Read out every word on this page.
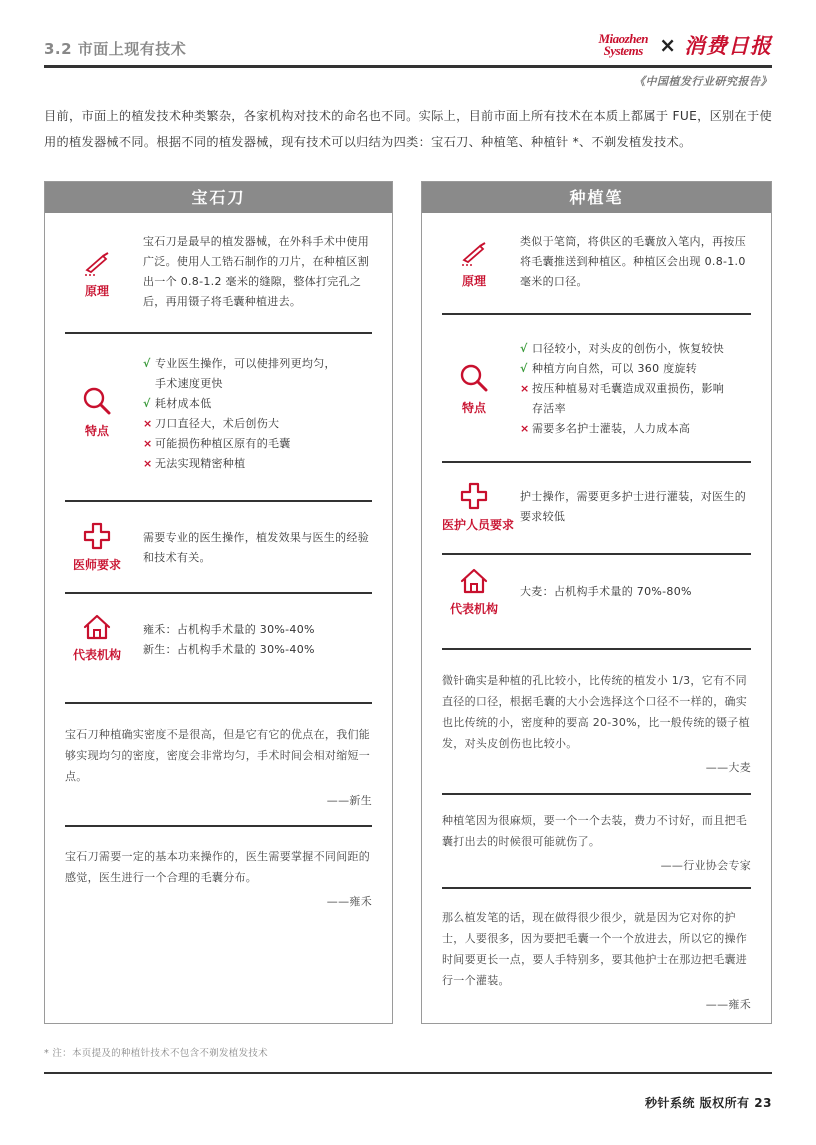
3.2 市面上现有技术
Miaozhen Systems × 消费日报
《中国植发行业研究报告》
目前，市面上的植发技术种类繁杂，各家机构对技术的命名也不同。实际上，目前市面上所有技术在本质上都属于 FUE，区别在于使用的植发器械不同。根据不同的植发器械，现有技术可以归结为四类：宝石刀、种植笔、种植针 *、不剃发植发技术。
宝石刀
原理
宝石刀是最早的植发器械，在外科手术中使用广泛。使用人工锆石制作的刀片，在种植区割出一个 0.8-1.2 毫米的缝隙，整体打完孔之后，再用镊子将毛囊种植进去。
特点
√ 专业医生操作，可以使排列更均匀，
手术速度更快
√ 耗材成本低
× 刀口直径大，术后创伤大
× 可能损伤种植区原有的毛囊
× 无法实现精密种植
医师要求
需要专业的医生操作，植发效果与医生的经验和技术有关。
代表机构
雍禾：占机构手术量的 30%-40%
新生：占机构手术量的 30%-40%
宝石刀种植确实密度不是很高，但是它有它的优点在，我们能够实现均匀的密度，密度会非常均匀，手术时间会相对缩短一点。
——新生
宝石刀需要一定的基本功来操作的，医生需要掌握不同间距的感觉，医生进行一个合理的毛囊分布。
——雍禾
种植笔
原理
类似于笔筒，将供区的毛囊放入笔内，再按压将毛囊推送到种植区。种植区会出现 0.8-1.0 毫米的口径。
特点
√ 口径较小，对头皮的创伤小，恢复较快
√ 种植方向自然，可以 360 度旋转
× 按压种植易对毛囊造成双重损伤，影响
存活率
× 需要多名护士灌装，人力成本高
医护人员要求
护士操作，需要更多护士进行灌装，对医生的要求较低
代表机构
大麦：占机构手术量的 70%-80%
微针确实是种植的孔比较小，比传统的植发小 1/3，它有不同直径的口径，根据毛囊的大小会选择这个口径不一样的，确实也比传统的小，密度种的要高 20-30%，比一般传统的镊子植发，对头皮创伤也比较小。
——大麦
种植笔因为很麻烦，要一个一个去装，费力不讨好，而且把毛囊打出去的时候很可能就伤了。
——行业协会专家
那么植发笔的话，现在做得很少很少，就是因为它对你的护士，人要很多，因为要把毛囊一个一个放进去，所以它的操作时间要更长一点，要人手特别多，要其他护士在那边把毛囊进行一个灌装。
——雍禾
* 注：本页提及的种植针技术不包含不剃发植发技术
秒针系统 版权所有 23
